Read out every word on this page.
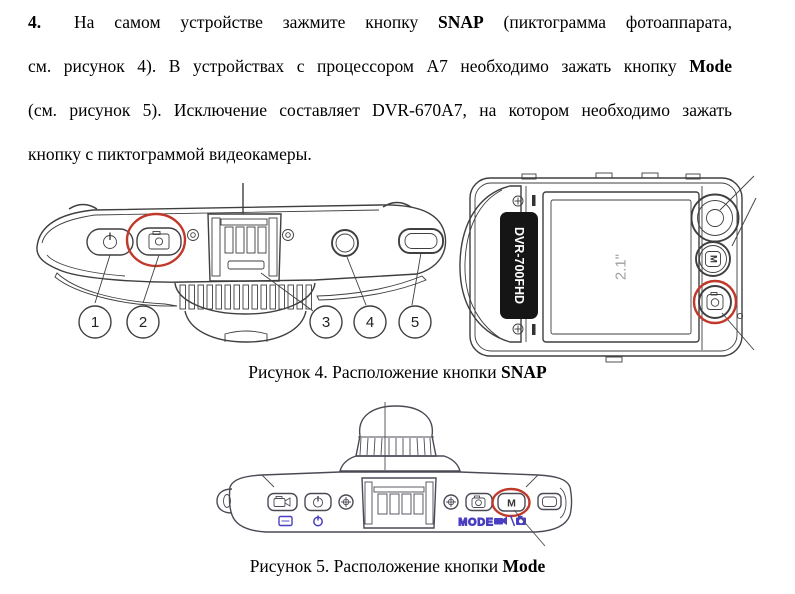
4. На самом устройстве зажмите кнопку SNAP (пиктограмма фотоаппарата,
см. рисунок 4). В устройствах с процессором А7 необходимо зажать кнопку Mode
(см. рисунок 5). Исключение составляет DVR-670А7, на котором необходимо зажать
кнопку с пиктограммой видеокамеры.
1	2	3 4 5
DVR-700FHD	2.1"	M
Рисунок 4. Расположение кнопки SNAP
M
MODE
Рисунок 5. Расположение кнопки Mode
